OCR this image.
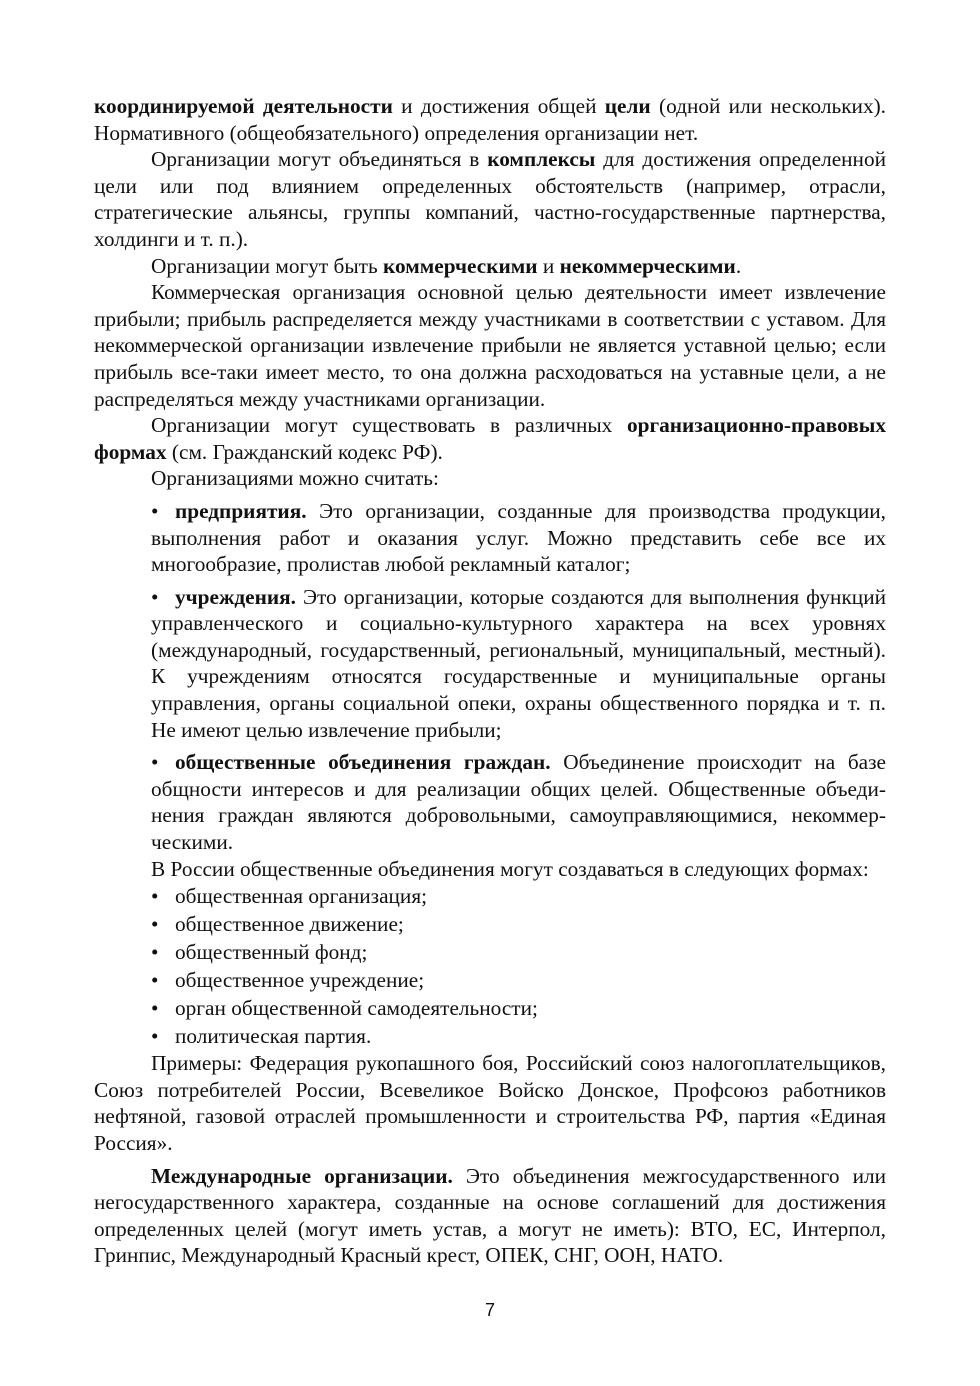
координируемой деятельности и достижения общей цели (одной или нескольких). Нормативного (общеобязательного) определения организации нет.

Организации могут объединяться в комплексы для достижения определенной цели или под влиянием определенных обстоятельств (например, отрасли, стратегические альянсы, группы компаний, частно-государственные партнерства, холдинги и т. п.).

Организации могут быть коммерческими и некоммерческими.

Коммерческая организация основной целью деятельности имеет извлечение прибыли; прибыль распределяется между участниками в соответствии с уставом. Для некоммерческой организации извлечение прибыли не является уставной целью; если прибыль все-таки имеет место, то она должна расходоваться на уставные цели, а не распределяться между участниками организации.

Организации могут существовать в различных организационно-правовых формах (см. Гражданский кодекс РФ).

Организациями можно считать:

• предприятия. Это организации, созданные для производства продукции, выполнения работ и оказания услуг. Можно представить себе все их многообразие, пролистав любой рекламный каталог;

• учреждения. Это организации, которые создаются для выполнения функций управленческого и социально-культурного характера на всех уровнях (международный, государственный, региональный, муниципальный, местный). К учреждениям относятся государственные и муниципальные органы управления, органы социальной опеки, охраны общественного порядка и т. п. Не имеют целью извлечение прибыли;

• общественные объединения граждан. Объединение происходит на базе общности интересов и для реализации общих целей. Общественные объединения граждан являются добровольными, самоуправляющимися, некоммерческими.

В России общественные объединения могут создаваться в следующих формах:

• общественная организация;
• общественное движение;
• общественный фонд;
• общественное учреждение;
• орган общественной самодеятельности;
• политическая партия.

Примеры: Федерация рукопашного боя, Российский союз налогоплательщиков, Союз потребителей России, Всевеликое Войско Донское, Профсоюз работников нефтяной, газовой отраслей промышленности и строительства РФ, партия «Единая Россия».

Международные организации. Это объединения межгосударственного или негосударственного характера, созданные на основе соглашений для достижения определенных целей (могут иметь устав, а могут не иметь): ВТО, ЕС, Интерпол, Гринпис, Международный Красный крест, ОПЕК, СНГ, ООН, НАТО.

7
